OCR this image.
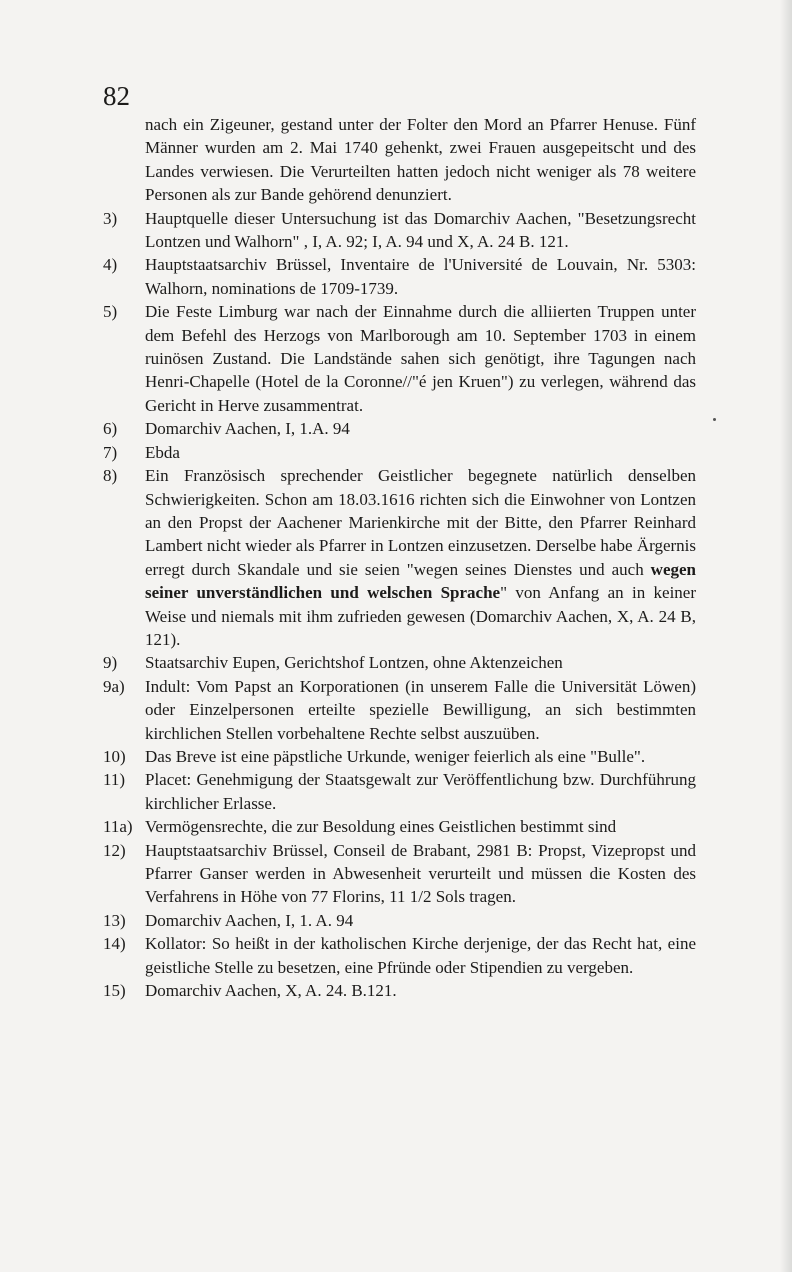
82
nach ein Zigeuner, gestand unter der Folter den Mord an Pfarrer Henuse. Fünf Männer wurden am 2. Mai 1740 gehenkt, zwei Frauen ausgepeitscht und des Landes verwiesen. Die Verurteilten hatten jedoch nicht weniger als 78 weitere Personen als zur Bande gehörend denunziert.
3) Hauptquelle dieser Untersuchung ist das Domarchiv Aachen, "Besetzungsrecht Lontzen und Walhorn" , I, A. 92; I, A. 94 und X, A. 24 B. 121.
4) Hauptstaatsarchiv Brüssel, Inventaire de l'Université de Louvain, Nr. 5303: Walhorn, nominations de 1709-1739.
5) Die Feste Limburg war nach der Einnahme durch die alliierten Truppen unter dem Befehl des Herzogs von Marlborough am 10. September 1703 in einem ruinösen Zustand. Die Landstände sahen sich genötigt, ihre Tagungen nach Henri-Chapelle (Hotel de la Coronne//"é jen Kruen") zu verlegen, während das Gericht in Herve zusammentrat.
6) Domarchiv Aachen, I, 1.A. 94
7) Ebda
8) Ein Französisch sprechender Geistlicher begegnete natürlich denselben Schwierigkeiten. Schon am 18.03.1616 richten sich die Einwohner von Lontzen an den Propst der Aachener Marienkirche mit der Bitte, den Pfarrer Reinhard Lambert nicht wieder als Pfarrer in Lontzen einzusetzen. Derselbe habe Ärgernis erregt durch Skandale und sie seien "wegen seines Dienstes und auch wegen seiner unverständlichen und welschen Sprache" von Anfang an in keiner Weise und niemals mit ihm zufrieden gewesen (Domarchiv Aachen, X, A. 24 B, 121).
9) Staatsarchiv Eupen, Gerichtshof Lontzen, ohne Aktenzeichen
9a) Indult: Vom Papst an Korporationen (in unserem Falle die Universität Löwen) oder Einzelpersonen erteilte spezielle Bewilligung, an sich bestimmten kirchlichen Stellen vorbehaltene Rechte selbst auszuüben.
10) Das Breve ist eine päpstliche Urkunde, weniger feierlich als eine "Bulle".
11) Placet: Genehmigung der Staatsgewalt zur Veröffentlichung bzw. Durchführung kirchlicher Erlasse.
11a) Vermögensrechte, die zur Besoldung eines Geistlichen bestimmt sind
12) Hauptstaatsarchiv Brüssel, Conseil de Brabant, 2981 B: Propst, Vizepropst und Pfarrer Ganser werden in Abwesenheit verurteilt und müssen die Kosten des Verfahrens in Höhe von 77 Florins, 11 1/2 Sols tragen.
13) Domarchiv Aachen, I, 1. A. 94
14) Kollator: So heißt in der katholischen Kirche derjenige, der das Recht hat, eine geistliche Stelle zu besetzen, eine Pfründe oder Stipendien zu vergeben.
15) Domarchiv Aachen, X, A. 24. B.121.
